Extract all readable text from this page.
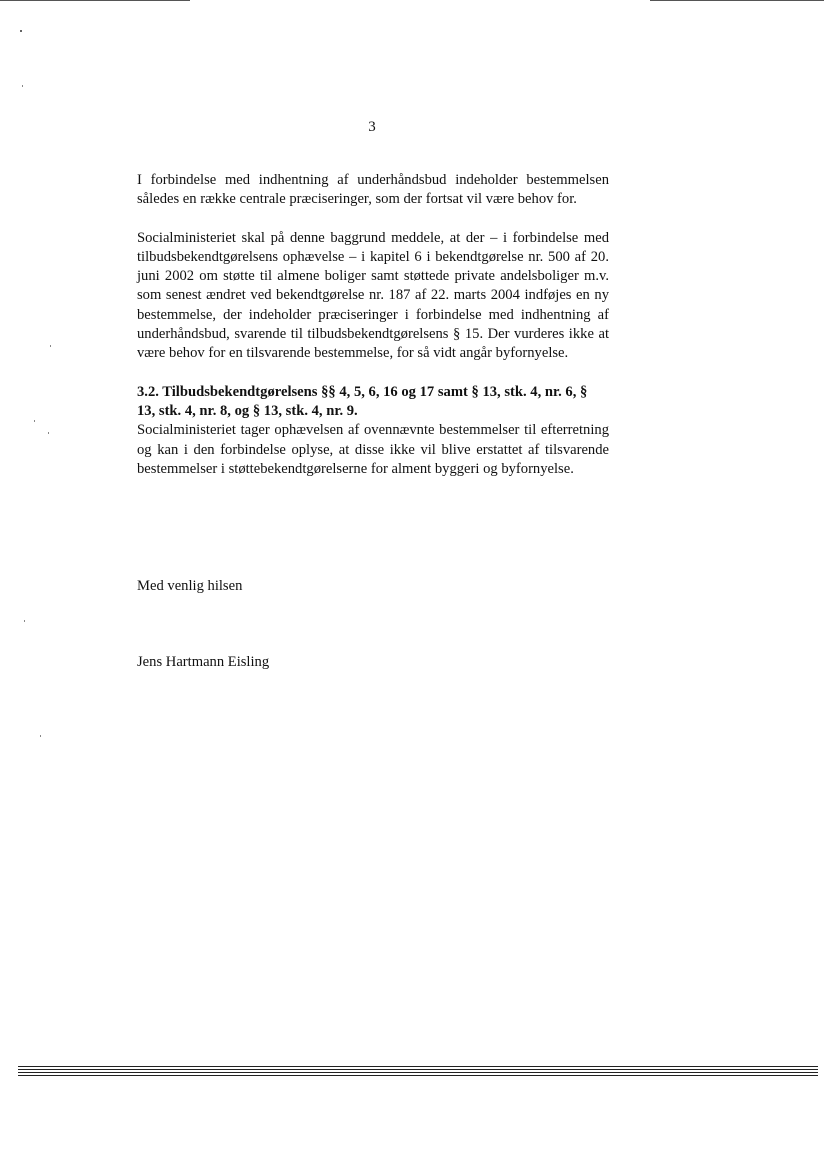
3

I forbindelse med indhentning af underhåndsbud indeholder bestemmelsen således en række centrale præciseringer, som der fortsat vil være behov for.

Socialministeriet skal på denne baggrund meddele, at der – i forbindelse med tilbudsbekendtgørelsens ophævelse – i kapitel 6 i bekendtgørelse nr. 500 af 20. juni 2002 om støtte til almene boliger samt støttede private andelsboliger m.v. som senest ændret ved bekendtgørelse nr. 187 af 22. marts 2004 indføjes en ny bestemmelse, der indeholder præciseringer i forbindelse med indhentning af underhåndsbud, svarende til tilbudsbekendtgørelsens § 15. Der vurderes ikke at være behov for en tilsvarende bestemmelse, for så vidt angår byfornyelse.

3.2. Tilbudsbekendtgørelsens §§ 4, 5, 6, 16 og 17 samt § 13, stk. 4, nr. 6, § 13, stk. 4, nr. 8, og § 13, stk. 4, nr. 9.

Socialministeriet tager ophævelsen af ovennævnte bestemmelser til efterretning og kan i den forbindelse oplyse, at disse ikke vil blive erstattet af tilsvarende bestemmelser i støttebekendtgørelserne for alment byggeri og byfornyelse.

Med venlig hilsen
Jens Hartmann Eisling
